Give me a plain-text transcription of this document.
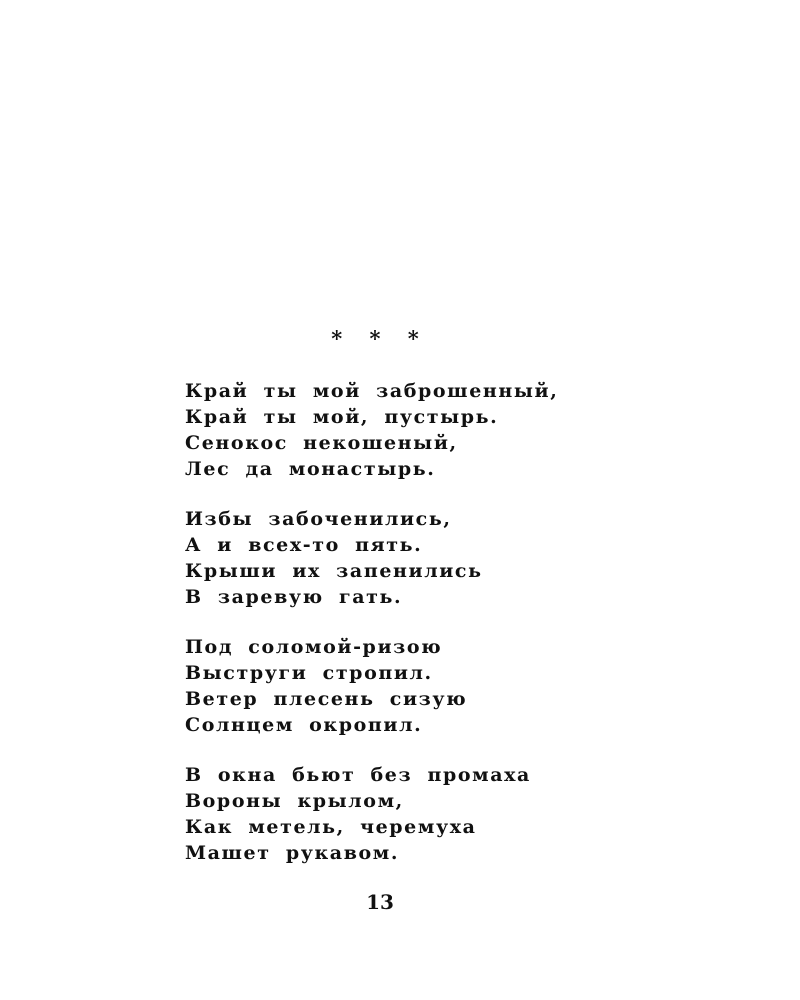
* * *
Край ты мой заброшенный,
Край ты мой, пустырь.
Сенокос некошеный,
Лес да монастырь.
Избы забоченились,
А и всех-то пять.
Крыши их запенились
В заревую гать.
Под соломой-ризою
Выструги стропил.
Ветер плесень сизую
Солнцем окропил.
В окна бьют без промаха
Вороны крылом,
Как метель, черемуха
Машет рукавом.
13
